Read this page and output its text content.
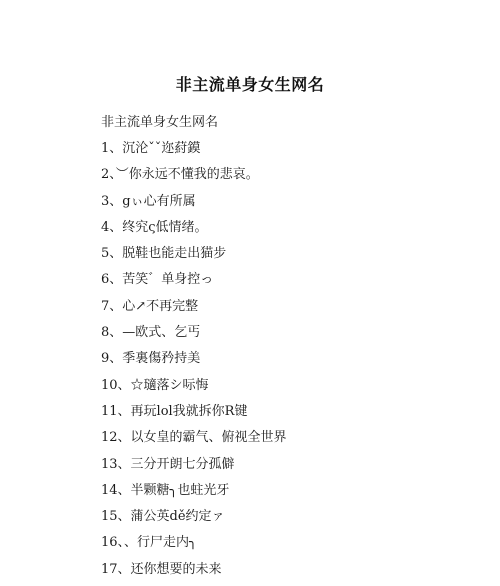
非主流单身女生网名
非主流单身女生网名
1、沉沦ˇˇ迩葤鏌
2、︶你永远不懂我的悲哀。
3、gぃ心有所属
4、终究ς低情绪。
5、脱鞋也能走出猫步
6、苦笑゛单身控っ
7、心↗不再完整
8、—欧式、乞丐
9、季裏傷矜持美
10、☆瓋落シ呩悔
11、再玩lol我就拆你R键
12、以女皇的霸气、俯视全世界
13、三分开朗七分孤僻
14、半颗糖╮也蛀光牙
15、蒲公英dě约定ァ
16、、行尸走内╮
17、还你想要的未来
